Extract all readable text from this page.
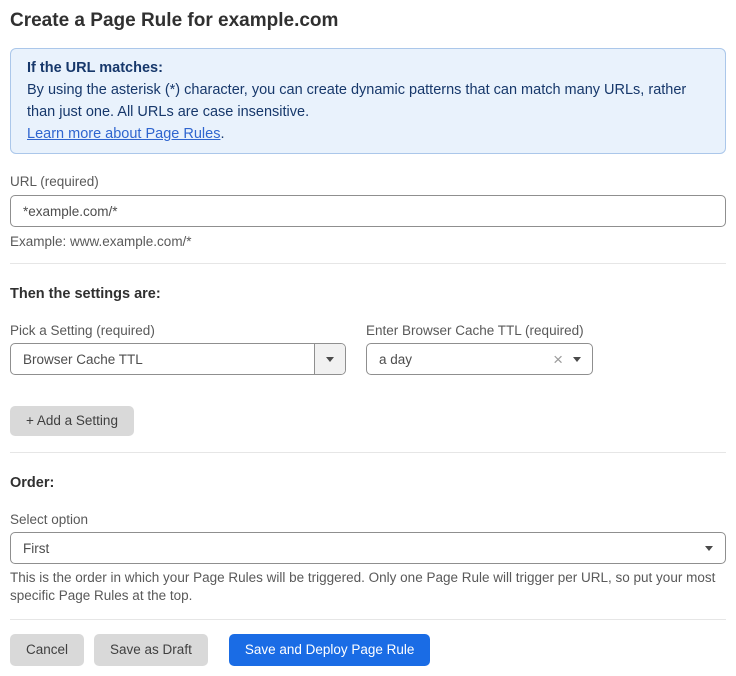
Create a Page Rule for example.com
If the URL matches:
By using the asterisk (*) character, you can create dynamic patterns that can match many URLs, rather than just one. All URLs are case insensitive.
Learn more about Page Rules.
URL (required)
*example.com/*
Example: www.example.com/*
Then the settings are:
Pick a Setting (required)
Browser Cache TTL
Enter Browser Cache TTL (required)
a day	×
+ Add a Setting
Order:
Select option
First
This is the order in which your Page Rules will be triggered. Only one Page Rule will trigger per URL, so put your most specific Page Rules at the top.
Cancel	Save as Draft	Save and Deploy Page Rule
